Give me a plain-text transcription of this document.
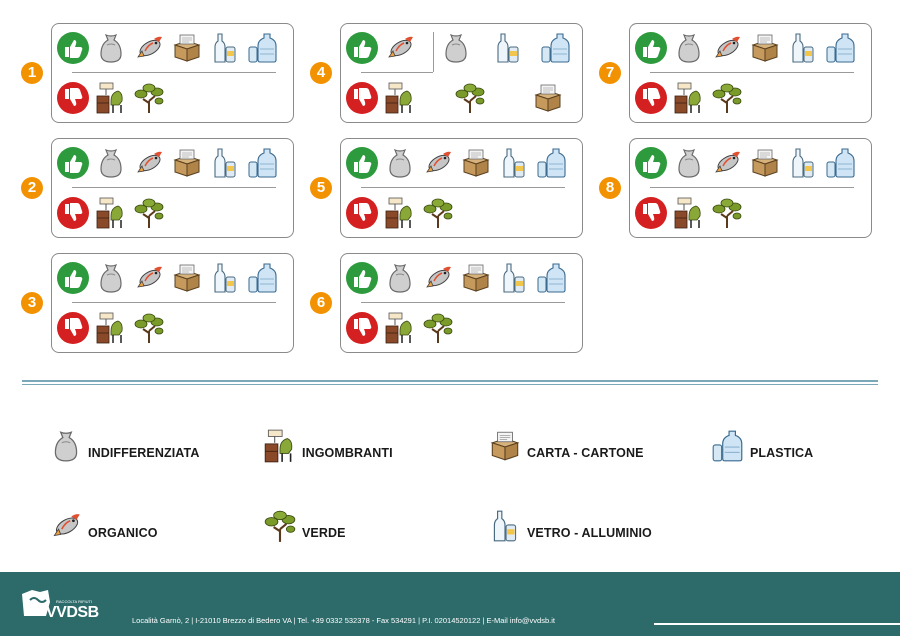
1
2
3
4
5
6
7
8
INDIFFERENZIATA	INGOMBRANTI	CARTA - CARTONE	PLASTICA
ORGANICO	VERDE	VETRO - ALLUMINIO
RACCOLTA RIFIUTI
VVDSB	Località Garnò, 2 | I-21010 Brezzo di Bedero VA | Tel. +39 0332 532378 - Fax 534291 | P.I. 02014520122 | E-Mail info@vvdsb.it
